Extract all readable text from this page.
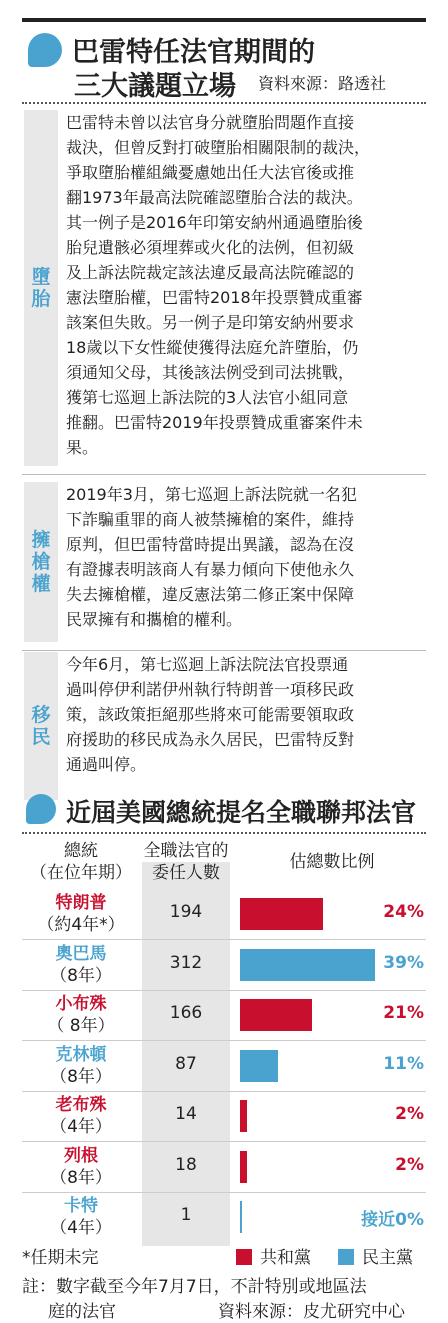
巴雷特任法官期間的
三大議題立場 資料來源：路透社
墮
胎
巴雷特未曾以法官身分就墮胎問題作直接
裁決，但曾反對打破墮胎相關限制的裁決，
爭取墮胎權組織憂慮她出任大法官後或推
翻1973年最高法院確認墮胎合法的裁決。
其一例子是2016年印第安納州通過墮胎後
胎兒遺骸必須埋葬或火化的法例，但初級
及上訴法院裁定該法違反最高法院確認的
憲法墮胎權，巴雷特2018年投票贊成重審
該案但失敗。另一例子是印第安納州要求
18歲以下女性縱使獲得法庭允許墮胎，仍
須通知父母，其後該法例受到司法挑戰，
獲第七巡迴上訴法院的3人法官小組同意
推翻。巴雷特2019年投票贊成重審案件未
果。
擁
槍
權
2019年3月，第七巡迴上訴法院就一名犯
下詐騙重罪的商人被禁擁槍的案件，維持
原判，但巴雷特當時提出異議，認為在沒
有證據表明該商人有暴力傾向下使他永久
失去擁槍權，違反憲法第二修正案中保障
民眾擁有和攜槍的權利。
移
民
今年6月，第七巡迴上訴法院法官投票通
過叫停伊利諾伊州執行特朗普一項移民政
策，該政策拒絕那些將來可能需要領取政
府援助的移民成為永久居民，巴雷特反對
通過叫停。
近屆美國總統提名全職聯邦法官
總統
（在位年期）
全職法官的
委任人數
估總數比例
特朗普
（約4年*）
194	24%
奧巴馬
（8年）
312	39%
小布殊
（ 8年）
166	21%
克林頓
（8年）
87	11%
老布殊
（4年）
14	2%
列根
（8年）
18	2%
卡特
（4年）
1	接近0%
*任期未完	共和黨	民主黨
註：數字截至今年7月7日，不計特別或地區法
庭的法官	資料來源：皮尤研究中心
